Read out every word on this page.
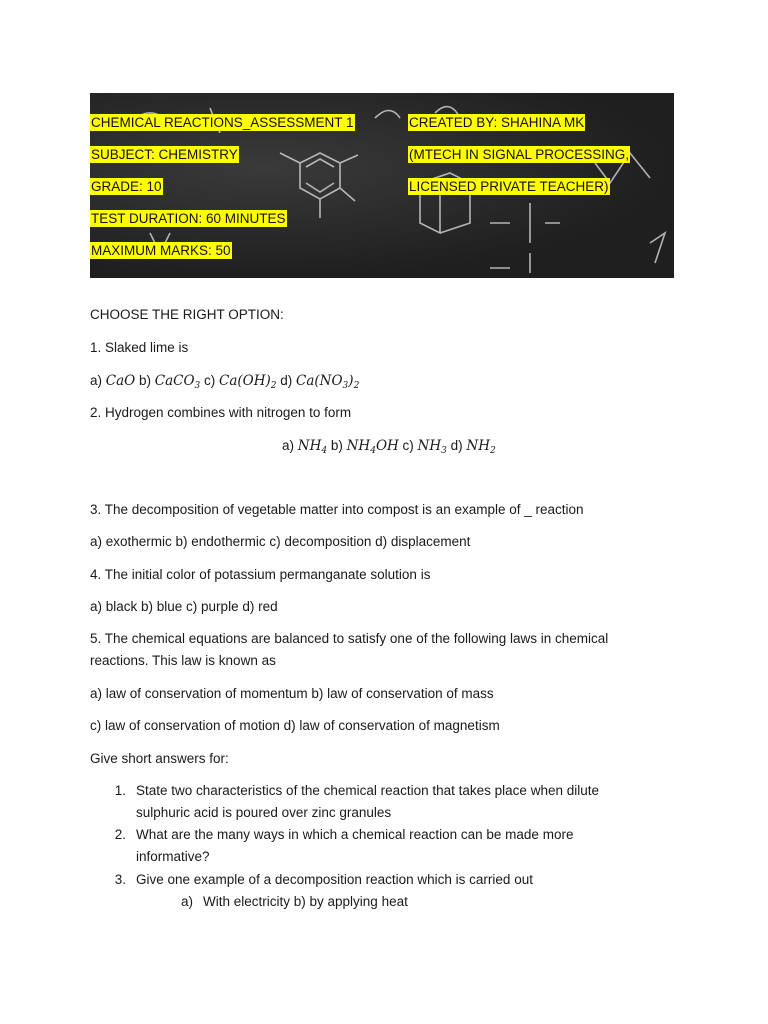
CHEMICAL REACTIONS_ASSESSMENT 1
SUBJECT: CHEMISTRY
GRADE: 10
TEST DURATION: 60 MINUTES
MAXIMUM MARKS: 50
CREATED BY: SHAHINA MK
(MTECH IN SIGNAL PROCESSING,
LICENSED PRIVATE TEACHER)
CHOOSE THE RIGHT OPTION:
1. Slaked lime is
a) CaO b) CaCO$_3$ c) $Ca(OH)_2$ d) $Ca(NO_3)_2$
2. Hydrogen combines with nitrogen to form
a) $NH_4$ b) $NH_4OH$ c) $NH_3$ d) $NH_2$
3. The decomposition of vegetable matter into compost is an example of _ reaction
a) exothermic b) endothermic c) decomposition d) displacement
4. The initial color of potassium permanganate solution is
a) black b) blue c) purple d) red
5. The chemical equations are balanced to satisfy one of the following laws in chemical reactions. This law is known as
a) law of conservation of momentum b) law of conservation of mass
c) law of conservation of motion d) law of conservation of magnetism
Give short answers for:
1. State two characteristics of the chemical reaction that takes place when dilute sulphuric acid is poured over zinc granules
2. What are the many ways in which a chemical reaction can be made more informative?
3. Give one example of a decomposition reaction which is carried out
a) With electricity b) by applying heat
